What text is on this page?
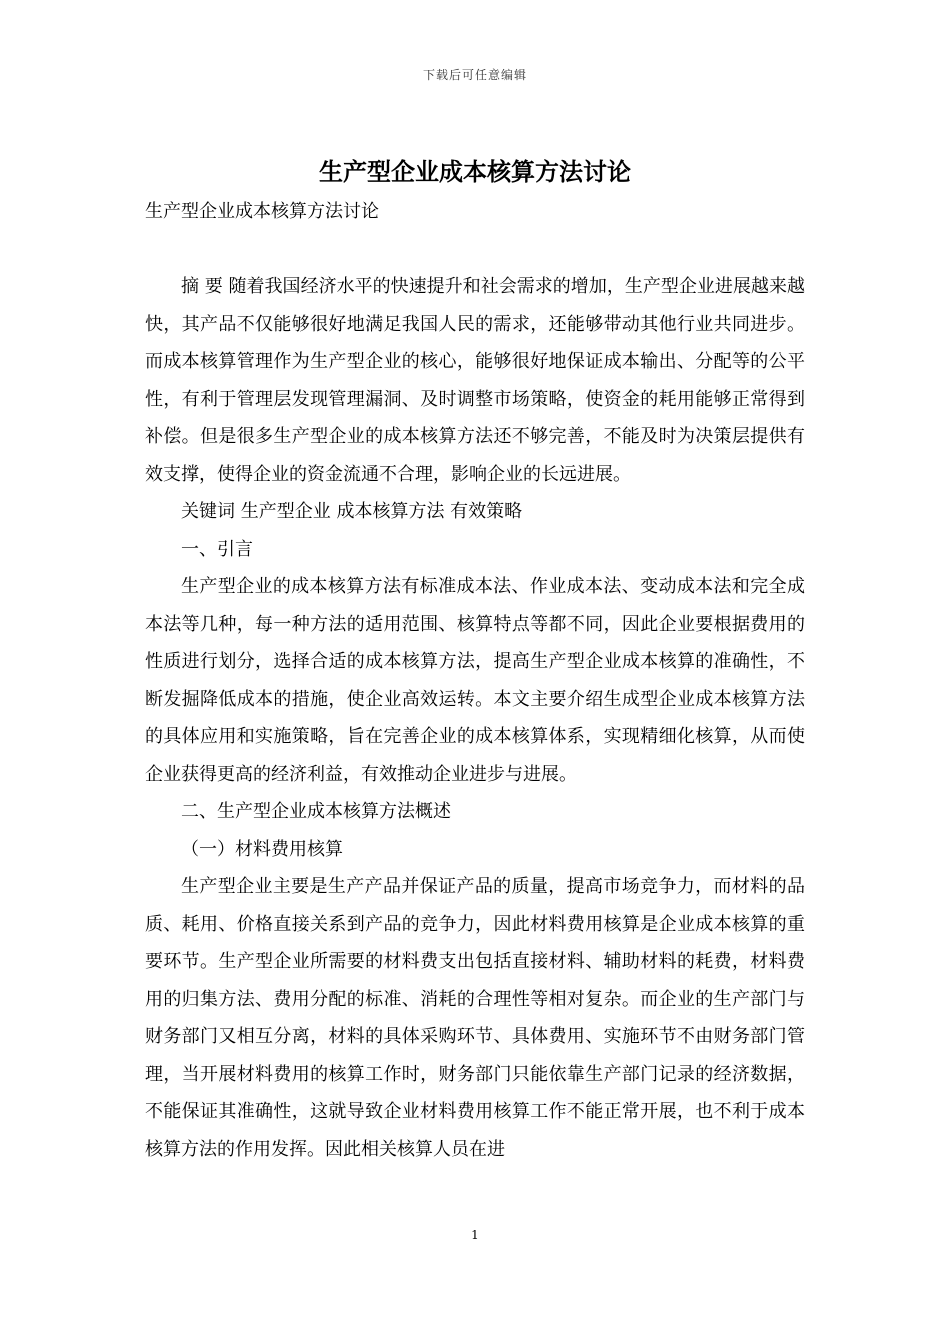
下载后可任意编辑
生产型企业成本核算方法讨论
生产型企业成本核算方法讨论

摘 要 随着我国经济水平的快速提升和社会需求的增加，生产型企业进展越来越快，其产品不仅能够很好地满足我国人民的需求，还能够带动其他行业共同进步。而成本核算管理作为生产型企业的核心，能够很好地保证成本输出、分配等的公平性，有利于管理层发现管理漏洞、及时调整市场策略，使资金的耗用能够正常得到补偿。但是很多生产型企业的成本核算方法还不够完善，不能及时为决策层提供有效支撑，使得企业的资金流通不合理，影响企业的长远进展。

关键词 生产型企业 成本核算方法 有效策略

一、引言

生产型企业的成本核算方法有标准成本法、作业成本法、变动成本法和完全成本法等几种，每一种方法的适用范围、核算特点等都不同，因此企业要根据费用的性质进行划分，选择合适的成本核算方法，提高生产型企业成本核算的准确性，不断发掘降低成本的措施，使企业高效运转。本文主要介绍生成型企业成本核算方法的具体应用和实施策略，旨在完善企业的成本核算体系，实现精细化核算，从而使企业获得更高的经济利益，有效推动企业进步与进展。

二、生产型企业成本核算方法概述

（一）材料费用核算

生产型企业主要是生产产品并保证产品的质量，提高市场竞争力，而材料的品质、耗用、价格直接关系到产品的竞争力，因此材料费用核算是企业成本核算的重要环节。生产型企业所需要的材料费支出包括直接材料、辅助材料的耗费，材料费用的归集方法、费用分配的标准、消耗的合理性等相对复杂。而企业的生产部门与财务部门又相互分离，材料的具体采购环节、具体费用、实施环节不由财务部门管理，当开展材料费用的核算工作时，财务部门只能依靠生产部门记录的经济数据，不能保证其准确性，这就导致企业材料费用核算工作不能正常开展，也不利于成本核算方法的作用发挥。因此相关核算人员在进

1
